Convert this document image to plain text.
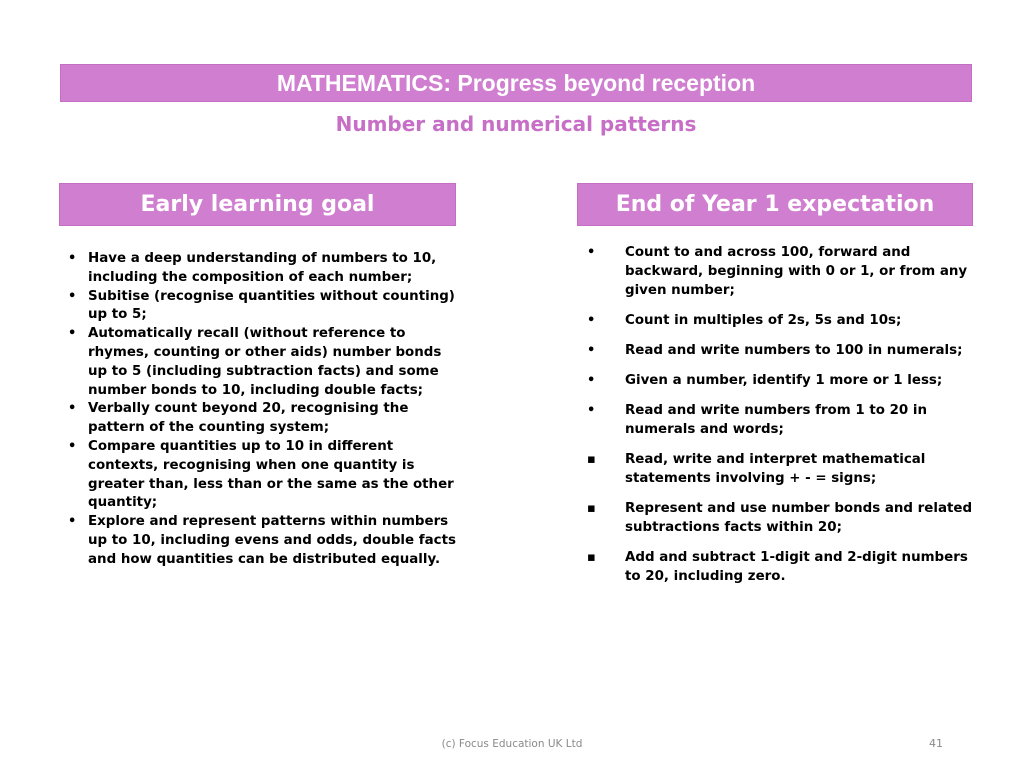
MATHEMATICS: Progress beyond reception
Number and numerical patterns
Early learning goal	End of Year 1 expectation
• Have a deep understanding of numbers to 10, including the composition of each number;
• Subitise (recognise quantities without counting) up to 5;
• Automatically recall (without reference to rhymes, counting or other aids) number bonds up to 5 (including subtraction facts) and some number bonds to 10, including double facts;
• Verbally count beyond 20, recognising the pattern of the counting system;
• Compare quantities up to 10 in different contexts, recognising when one quantity is greater than, less than or the same as the other quantity;
• Explore and represent patterns within numbers up to 10, including evens and odds, double facts and how quantities can be distributed equally.
• Count to and across 100, forward and backward, beginning with 0 or 1, or from any given number;
• Count in multiples of 2s, 5s and 10s;
• Read and write numbers to 100 in numerals;
• Given a number, identify 1 more or 1 less;
• Read and write numbers from 1 to 20 in numerals and words;
▪ Read, write and interpret mathematical statements involving + - = signs;
▪ Represent and use number bonds and related subtractions facts within 20;
▪ Add and subtract 1-digit and 2-digit numbers to 20, including zero.
(c) Focus Education UK Ltd	41
